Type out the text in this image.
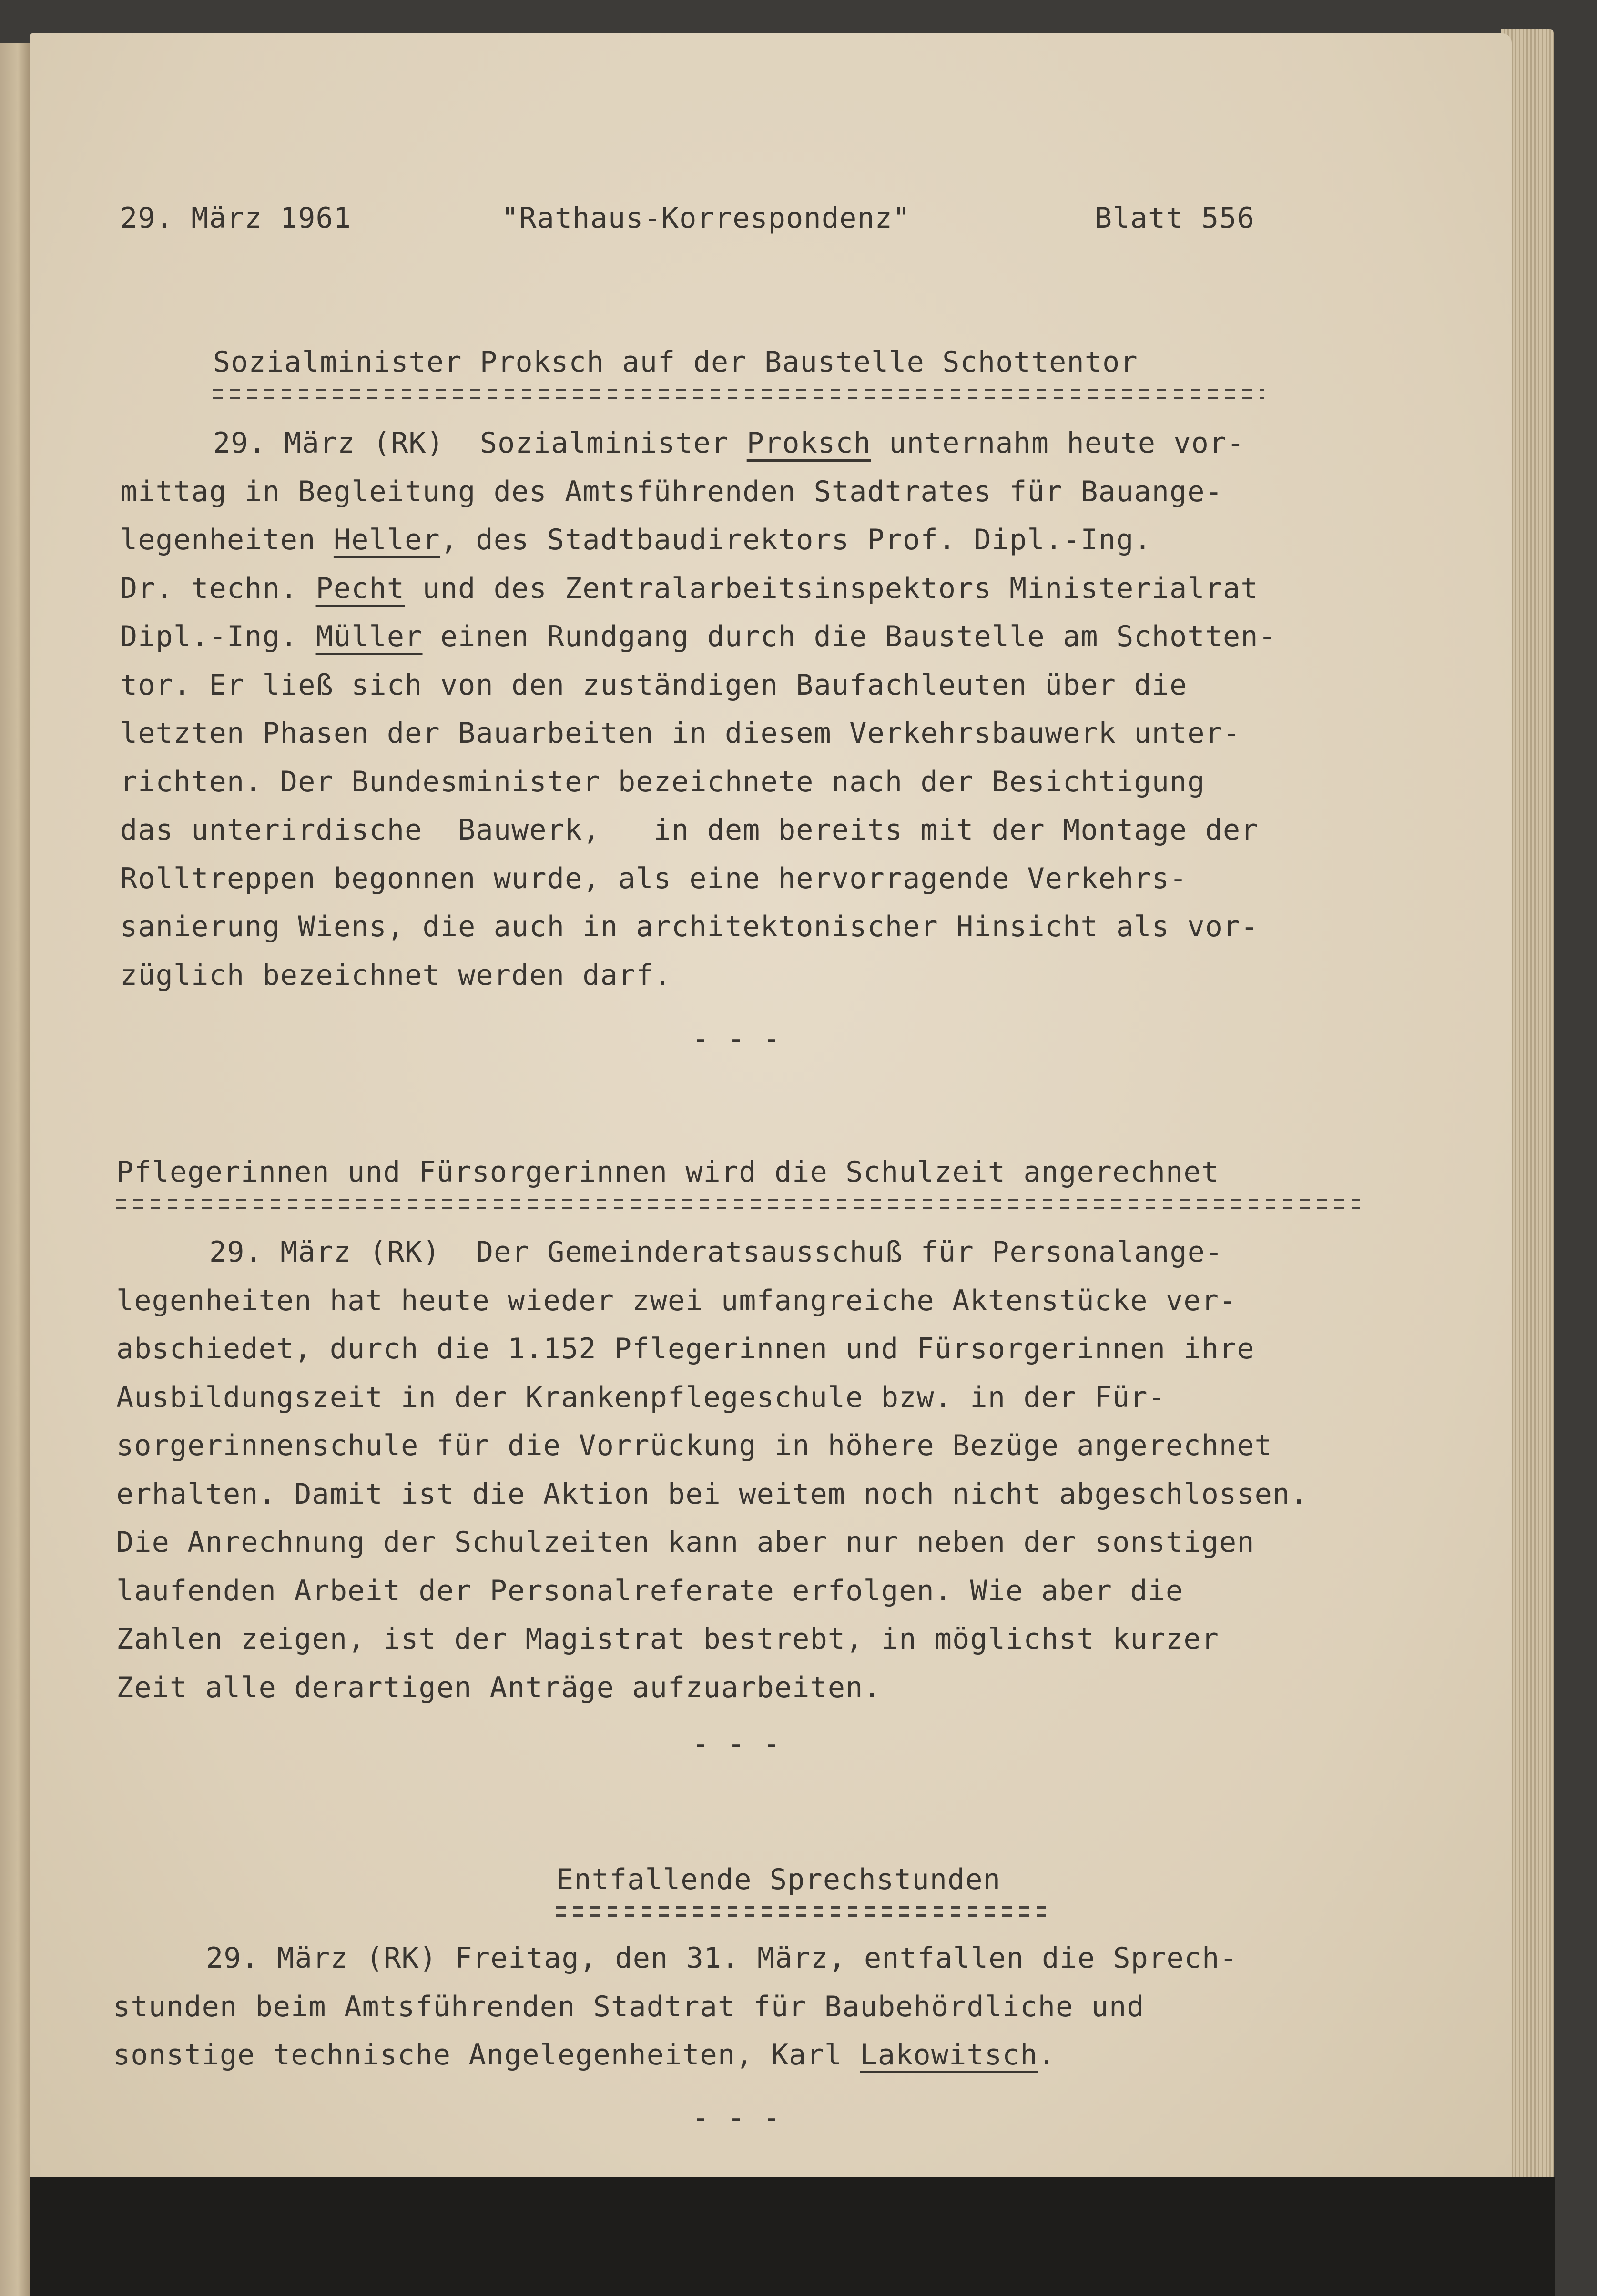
29. März 1961	"Rathaus-Korrespondenz"	Blatt 556

Sozialminister Proksch auf der Baustelle Schottentor

- - -

29. März (RK)  Sozialminister Proksch unternahm heute vor-

mittag in Begleitung des Amtsführenden Stadtrates für Bauange-

legenheiten Heller, des Stadtbaudirektors Prof. Dipl.-Ing.

Dr. techn. Pecht und des Zentralarbeitsinspektors Ministerialrat

Dipl.-Ing. Müller einen Rundgang durch die Baustelle am Schotten-

tor. Er ließ sich von den zuständigen Baufachleuten über die

letzten Phasen der Bauarbeiten in diesem Verkehrsbauwerk unter-

richten. Der Bundesminister bezeichnete nach der Besichtigung

das unterirdische  Bauwerk,   in dem bereits mit der Montage der

Rolltreppen begonnen wurde, als eine hervorragende Verkehrs-

sanierung Wiens, die auch in architektonischer Hinsicht als vor-

züglich bezeichnet werden darf.

Pflegerinnen und Fürsorgerinnen wird die Schulzeit angerechnet

- - -

29. März (RK)  Der Gemeinderatsausschuß für Personalange-

legenheiten hat heute wieder zwei umfangreiche Aktenstücke ver-

abschiedet, durch die 1.152 Pflegerinnen und Fürsorgerinnen ihre

Ausbildungszeit in der Krankenpflegeschule bzw. in der Für-

sorgerinnenschule für die Vorrückung in höhere Bezüge angerechnet

erhalten. Damit ist die Aktion bei weitem noch nicht abgeschlossen.

Die Anrechnung der Schulzeiten kann aber nur neben der sonstigen

laufenden Arbeit der Personalreferate erfolgen. Wie aber die

Zahlen zeigen, ist der Magistrat bestrebt, in möglichst kurzer

Zeit alle derartigen Anträge aufzuarbeiten.

Entfallende Sprechstunden

- - -

29. März (RK) Freitag, den 31. März, entfallen die Sprech-

stunden beim Amtsführenden Stadtrat für Baubehördliche und

sonstige technische Angelegenheiten, Karl Lakowitsch.
